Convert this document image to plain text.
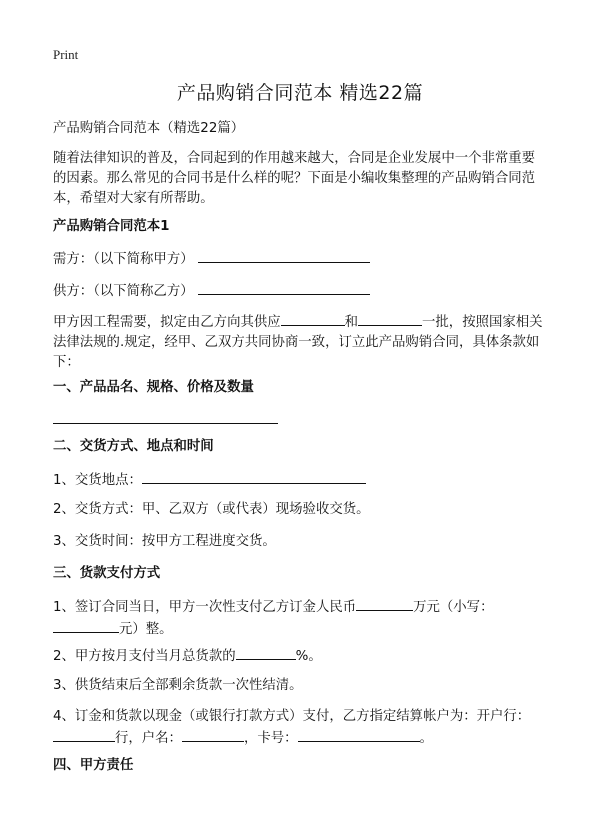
Print
产品购销合同范本 精选22篇
产品购销合同范本（精选22篇）
随着法律知识的普及，合同起到的作用越来越大，合同是企业发展中一个非常重要的因素。那么常见的合同书是什么样的呢？下面是小编收集整理的产品购销合同范本，希望对大家有所帮助。
产品购销合同范本1
需方：（以下简称甲方）
供方：（以下简称乙方）
甲方因工程需要，拟定由乙方向其供应	和	一批，按照国家相关法律法规的.规定，经甲、乙双方共同协商一致，订立此产品购销合同，具体条款如下：
一、产品品名、规格、价格及数量
二、交货方式、地点和时间
1、交货地点：
2、交货方式：甲、乙双方（或代表）现场验收交货。
3、交货时间：按甲方工程进度交货。
三、货款支付方式
1、签订合同当日，甲方一次性支付乙方订金人民币	万元（小写：
元）整。
2、甲方按月支付当月总货款的	%。
3、供货结束后全部剩余货款一次性结清。
4、订金和货款以现金（或银行打款方式）支付，乙方指定结算帐户为：开户行：
行，户名：	，卡号：	。
四、甲方责任
